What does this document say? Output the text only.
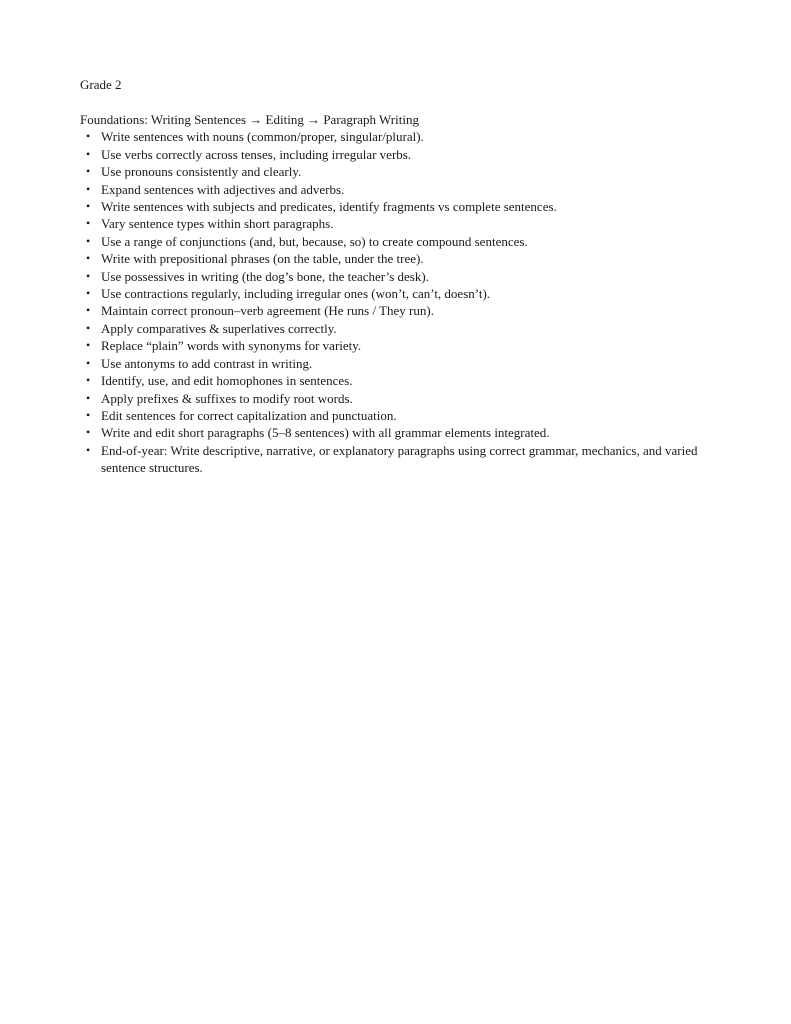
Grade 2

Foundations: Writing Sentences → Editing → Paragraph Writing

• Write sentences with nouns (common/proper, singular/plural).
• Use verbs correctly across tenses, including irregular verbs.
• Use pronouns consistently and clearly.
• Expand sentences with adjectives and adverbs.
• Write sentences with subjects and predicates, identify fragments vs complete sentences.
• Vary sentence types within short paragraphs.
• Use a range of conjunctions (and, but, because, so) to create compound sentences.
• Write with prepositional phrases (on the table, under the tree).
• Use possessives in writing (the dog’s bone, the teacher’s desk).
• Use contractions regularly, including irregular ones (won’t, can’t, doesn’t).
• Maintain correct pronoun–verb agreement (He runs / They run).
• Apply comparatives & superlatives correctly.
• Replace “plain” words with synonyms for variety.
• Use antonyms to add contrast in writing.
• Identify, use, and edit homophones in sentences.
• Apply prefixes & suffixes to modify root words.
• Edit sentences for correct capitalization and punctuation.
• Write and edit short paragraphs (5–8 sentences) with all grammar elements integrated.
• End-of-year: Write descriptive, narrative, or explanatory paragraphs using correct grammar, mechanics, and varied sentence structures.
